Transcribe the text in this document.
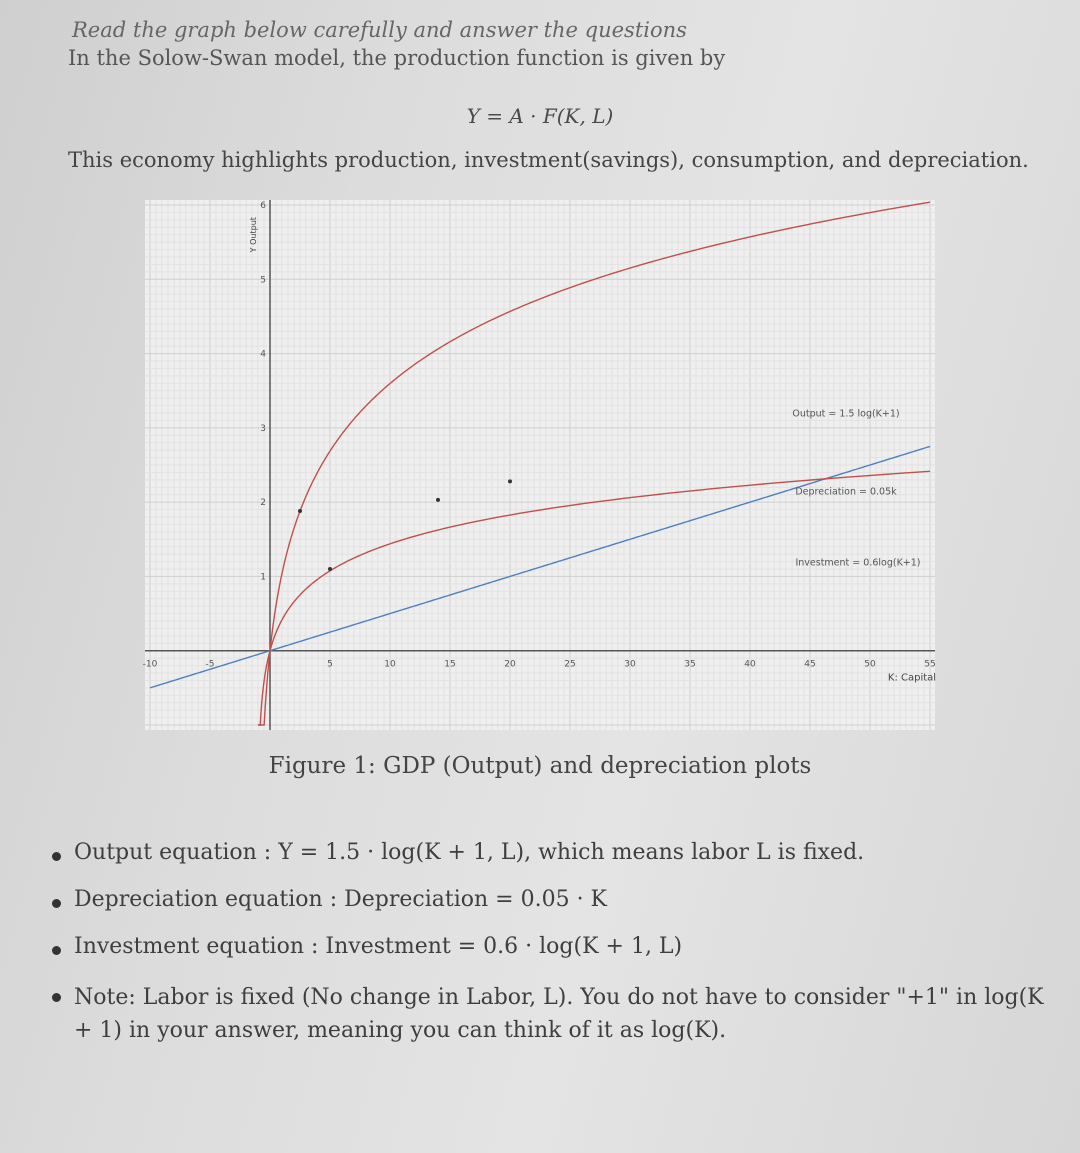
Read the graph below carefully and answer the questions
In the Solow-Swan model, the production function is given by
Y = A · F(K, L)
This economy highlights production, investment(savings), consumption, and depreciation.
-10	-5	5	10	15	20	25	30	35	40	45	50	55
1
2
3
4
5
6
K: Capital
Y Output
Output = 1.5 log(K+1)
Depreciation = 0.05k
Investment = 0.6log(K+1)
Figure 1: GDP (Output) and depreciation plots
Output equation : Y = 1.5 · log(K + 1, L), which means labor L is fixed.
Depreciation equation : Depreciation = 0.05 · K
Investment equation : Investment = 0.6 · log(K + 1, L)
Note: Labor is fixed (No change in Labor, L). You do not have to consider "+1" in log(K + 1) in your answer, meaning you can think of it as log(K).
